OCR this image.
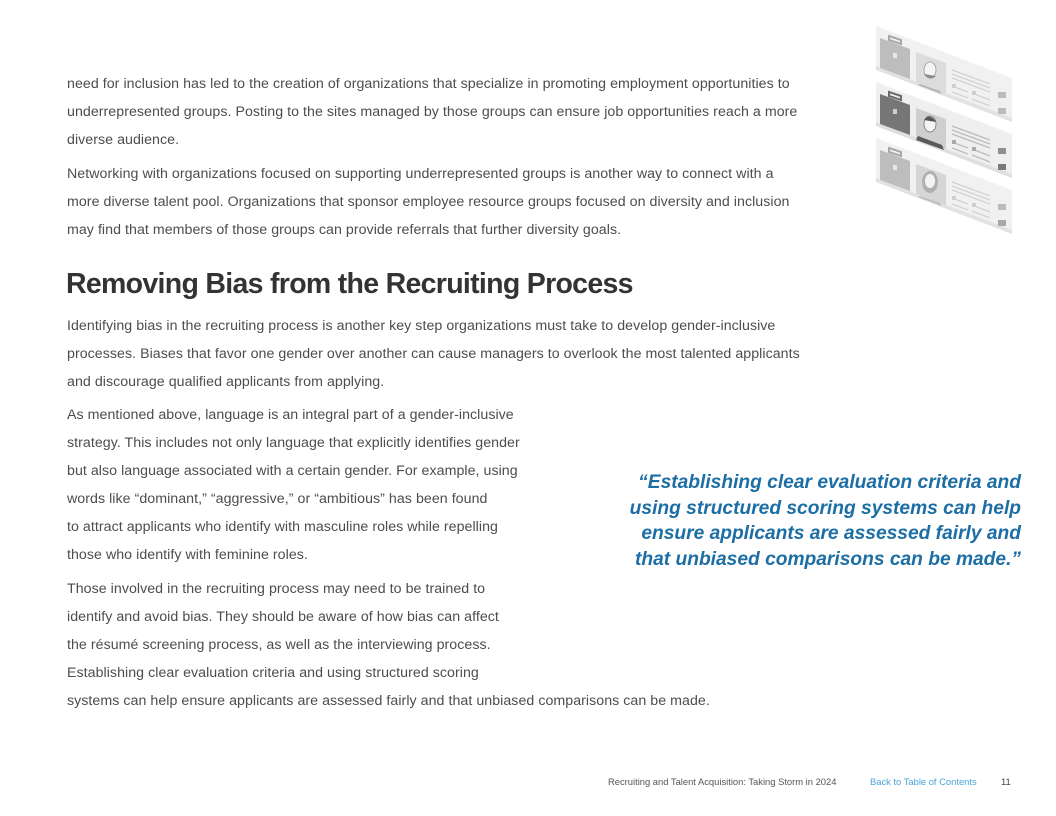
need for inclusion has led to the creation of organizations that specialize in promoting employment opportunities to
underrepresented groups. Posting to the sites managed by those groups can ensure job opportunities reach a more
diverse audience.
Networking with organizations focused on supporting underrepresented groups is another way to connect with a
more diverse talent pool. Organizations that sponsor employee resource groups focused on diversity and inclusion
may find that members of those groups can provide referrals that further diversity goals.
Removing Bias from the Recruiting Process
Identifying bias in the recruiting process is another key step organizations must take to develop gender-inclusive
processes. Biases that favor one gender over another can cause managers to overlook the most talented applicants
and discourage qualified applicants from applying.
As mentioned above, language is an integral part of a gender-inclusive
strategy. This includes not only language that explicitly identifies gender
but also language associated with a certain gender. For example, using
words like “dominant,” “aggressive,” or “ambitious” has been found
to attract applicants who identify with masculine roles while repelling
those who identify with feminine roles.
Those involved in the recruiting process may need to be trained to
identify and avoid bias. They should be aware of how bias can affect
the résumé screening process, as well as the interviewing process.
Establishing clear evaluation criteria and using structured scoring
systems can help ensure applicants are assessed fairly and that unbiased comparisons can be made.
“Establishing clear evaluation criteria and
using structured scoring systems can help
ensure applicants are assessed fairly and
that unbiased comparisons can be made.”
Recruiting and Talent Acquisition: Taking Storm in 2024	Back to Table of Contents	11
